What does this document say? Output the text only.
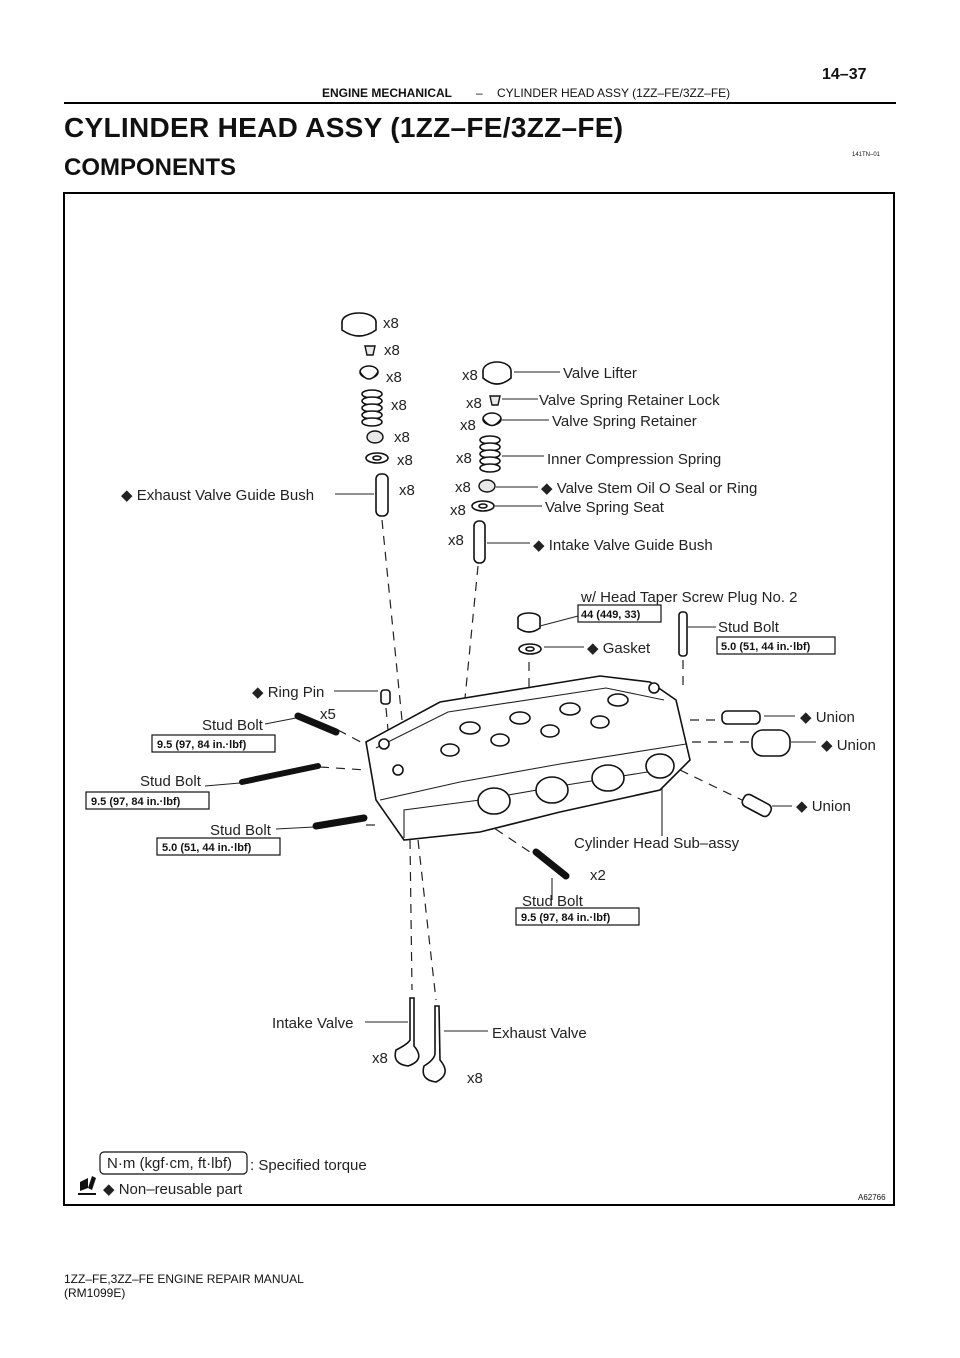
ENGINE MECHANICAL – CYLINDER HEAD ASSY (1ZZ–FE/3ZZ–FE)
14–37
CYLINDER HEAD ASSY (1ZZ–FE/3ZZ–FE)
COMPONENTS	141TN–01
x8
x8
x8
x8
x8
x8
x8
x8
x8
x8
x8
x8
x8
x8
x5
x2
x8
x8
Valve Lifter
Valve Spring Retainer Lock
Valve Spring Retainer
Inner Compression Spring
◆ Valve Stem Oil O Seal or Ring
Valve Spring Seat
◆ Intake Valve Guide Bush
◆ Exhaust Valve Guide Bush
w/ Head Taper Screw Plug No. 2
◆ Gasket
Stud Bolt
◆ Ring Pin
Stud Bolt
Stud Bolt
Stud Bolt
Stud Bolt
Cylinder Head Sub–assy
◆ Union
◆ Union
◆ Union
Intake Valve
Exhaust Valve
44 (449, 33)
5.0 (51, 44 in.·lbf)
9.5 (97, 84 in.·lbf)
9.5 (97, 84 in.·lbf)
5.0 (51, 44 in.·lbf)
9.5 (97, 84 in.·lbf)
N·m (kgf·cm, ft·lbf) : Specified torque
◆ Non–reusable part	A62766
1ZZ–FE,3ZZ–FE ENGINE REPAIR MANUAL
(RM1099E)
